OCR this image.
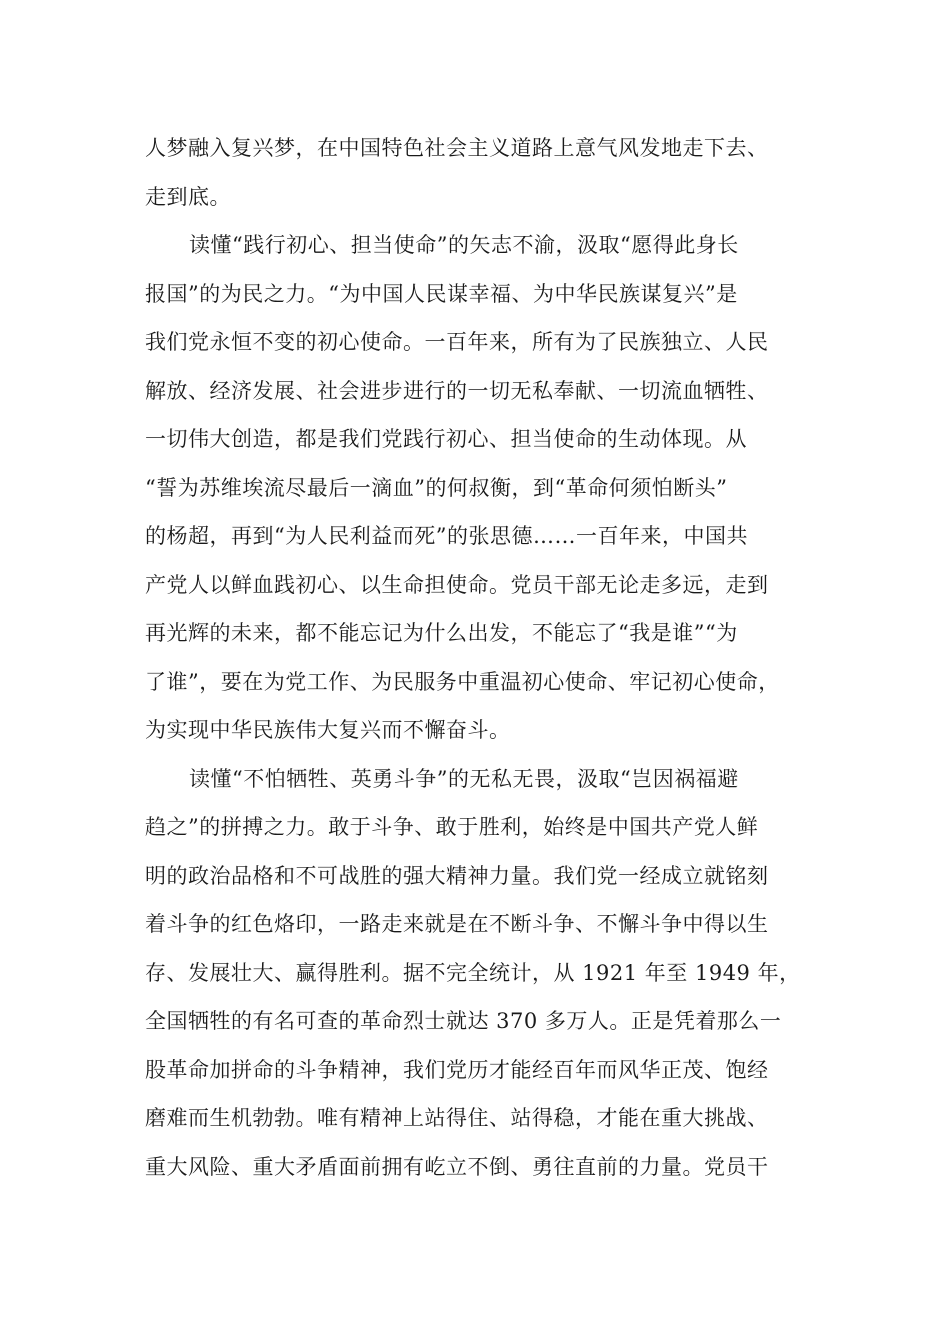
人梦融入复兴梦，在中国特色社会主义道路上意气风发地走下去、
走到底。
读懂“践行初心、担当使命”的矢志不渝，汲取“愿得此身长
报国”的为民之力。“为中国人民谋幸福、为中华民族谋复兴”是
我们党永恒不变的初心使命。一百年来，所有为了民族独立、人民
解放、经济发展、社会进步进行的一切无私奉献、一切流血牺牲、
一切伟大创造，都是我们党践行初心、担当使命的生动体现。从
“誓为苏维埃流尽最后一滴血”的何叔衡，到“革命何须怕断头”
的杨超，再到“为人民利益而死”的张思德……一百年来，中国共
产党人以鲜血践初心、以生命担使命。党员干部无论走多远，走到
再光辉的未来，都不能忘记为什么出发，不能忘了“我是谁”“为
了谁”，要在为党工作、为民服务中重温初心使命、牢记初心使命，
为实现中华民族伟大复兴而不懈奋斗。
读懂“不怕牺牲、英勇斗争”的无私无畏，汲取“岂因祸福避
趋之”的拼搏之力。敢于斗争、敢于胜利，始终是中国共产党人鲜
明的政治品格和不可战胜的强大精神力量。我们党一经成立就铭刻
着斗争的红色烙印，一路走来就是在不断斗争、不懈斗争中得以生
存、发展壮大、赢得胜利。据不完全统计，从 1921 年至 1949 年，
全国牺牲的有名可查的革命烈士就达 370 多万人。正是凭着那么一
股革命加拼命的斗争精神，我们党历才能经百年而风华正茂、饱经
磨难而生机勃勃。唯有精神上站得住、站得稳，才能在重大挑战、
重大风险、重大矛盾面前拥有屹立不倒、勇往直前的力量。党员干
